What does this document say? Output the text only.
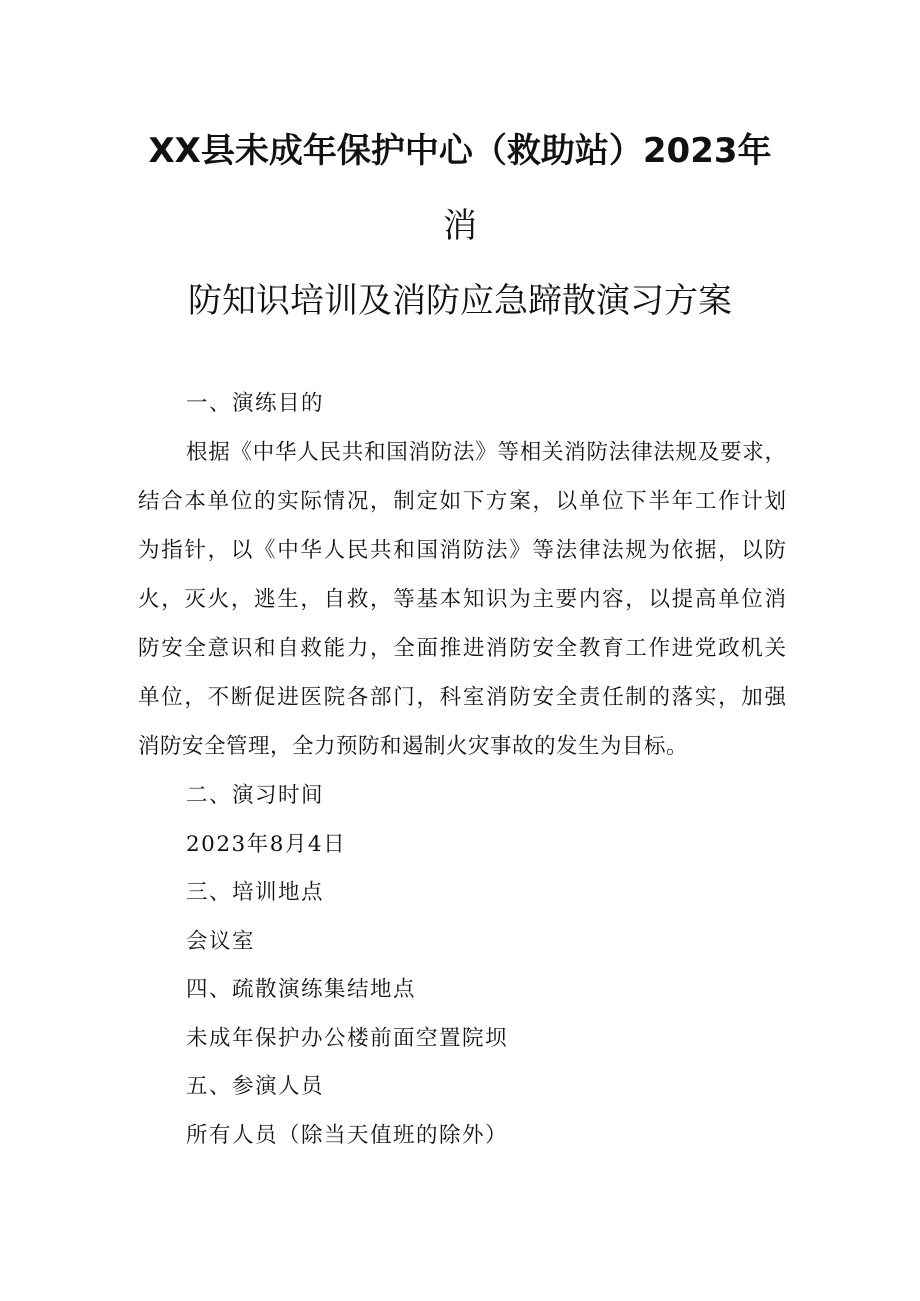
XX县未成年保护中心（救助站）2023年
消
防知识培训及消防应急蹄散演习方案
一、演练目的
根据《中华人民共和国消防法》等相关消防法律法规及要求，
结合本单位的实际情况，制定如下方案，以单位下半年工作计划
为指针，以《中华人民共和国消防法》等法律法规为依据，以防
火，灭火，逃生，自救，等基本知识为主要内容，以提高单位消
防安全意识和自救能力，全面推进消防安全教育工作进党政机关
单位，不断促进医院各部门，科室消防安全责任制的落实，加强
消防安全管理，全力预防和遏制火灾事故的发生为目标。
二、演习时间
2023年8月4日
三、培训地点
会议室
四、疏散演练集结地点
未成年保护办公楼前面空置院坝
五、参演人员
所有人员（除当天值班的除外）
